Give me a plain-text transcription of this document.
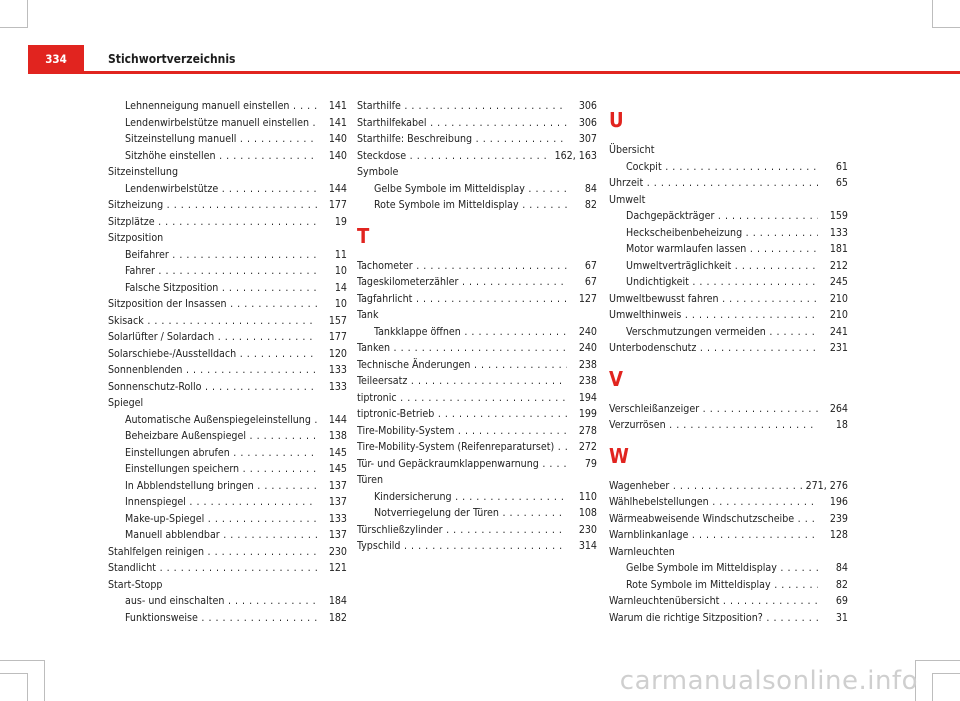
334	Stichwortverzeichnis
Lehnenneigung manuell einstellen . . .	141
Lendenwirbelstütze manuell einstellen . . .	141
Sitzeinstellung manuell . . .	140
Sitzhöhe einstellen . . .	140
Sitzeinstellung
Lendenwirbelstütze . . .	144
Sitzheizung . . .	177
Sitzplätze . . .	19
Sitzposition
Beifahrer . . .	11
Fahrer . . .	10
Falsche Sitzposition . . .	14
Sitzposition der Insassen . . .	10
Skisack . . .	157
Solarlüfter / Solardach . . .	177
Solarschiebe-/Ausstelldach . . .	120
Sonnenblenden . . .	133
Sonnenschutz-Rollo . . .	133
Spiegel
Automatische Außenspiegeleinstellung . . .	144
Beheizbare Außenspiegel . . .	138
Einstellungen abrufen . . .	145
Einstellungen speichern . . .	145
In Abblendstellung bringen . . .	137
Innenspiegel . . .	137
Make-up-Spiegel . . .	133
Manuell abblendbar . . .	137
Stahlfelgen reinigen . . .	230
Standlicht . . .	121
Start-Stopp
aus- und einschalten . . .	184
Funktionsweise . . .	182
Starthilfe . . .	306
Starthilfekabel . . .	306
Starthilfe: Beschreibung . . .	307
Steckdose . . .	162, 163
Symbole
Gelbe Symbole im Mitteldisplay . . .	84
Rote Symbole im Mitteldisplay . . .	82
T
Tachometer . . .	67
Tageskilometerzähler . . .	67
Tagfahrlicht . . .	127
Tank
Tankklappe öffnen . . .	240
Tanken . . .	240
Technische Änderungen . . .	238
Teileersatz . . .	238
tiptronic . . .	194
tiptronic-Betrieb . . .	199
Tire-Mobility-System . . .	278
Tire-Mobility-System (Reifenreparaturset) . . .	272
Tür- und Gepäckraumklappenwarnung . . .	79
Türen
Kindersicherung . . .	110
Notverriegelung der Türen . . .	108
Türschließzylinder . . .	230
Typschild . . .	314
U
Übersicht
Cockpit . . .	61
Uhrzeit . . .	65
Umwelt
Dachgepäckträger . . .	159
Heckscheibenbeheizung . . .	133
Motor warmlaufen lassen . . .	181
Umweltverträglichkeit . . .	212
Undichtigkeit . . .	245
Umweltbewusst fahren . . .	210
Umwelthinweis . . .	210
Verschmutzungen vermeiden . . .	241
Unterbodenschutz . . .	231
V
Verschleißanzeiger . . .	264
Verzurrösen . . .	18
W
Wagenheber . . .	271, 276
Wählhebelstellungen . . .	196
Wärmeabweisende Windschutzscheibe . . .	239
Warnblinkanlage . . .	128
Warnleuchten
Gelbe Symbole im Mitteldisplay . . .	84
Rote Symbole im Mitteldisplay . . .	82
Warnleuchtenübersicht . . .	69
Warum die richtige Sitzposition? . . .	31
carmanualsonline.info
